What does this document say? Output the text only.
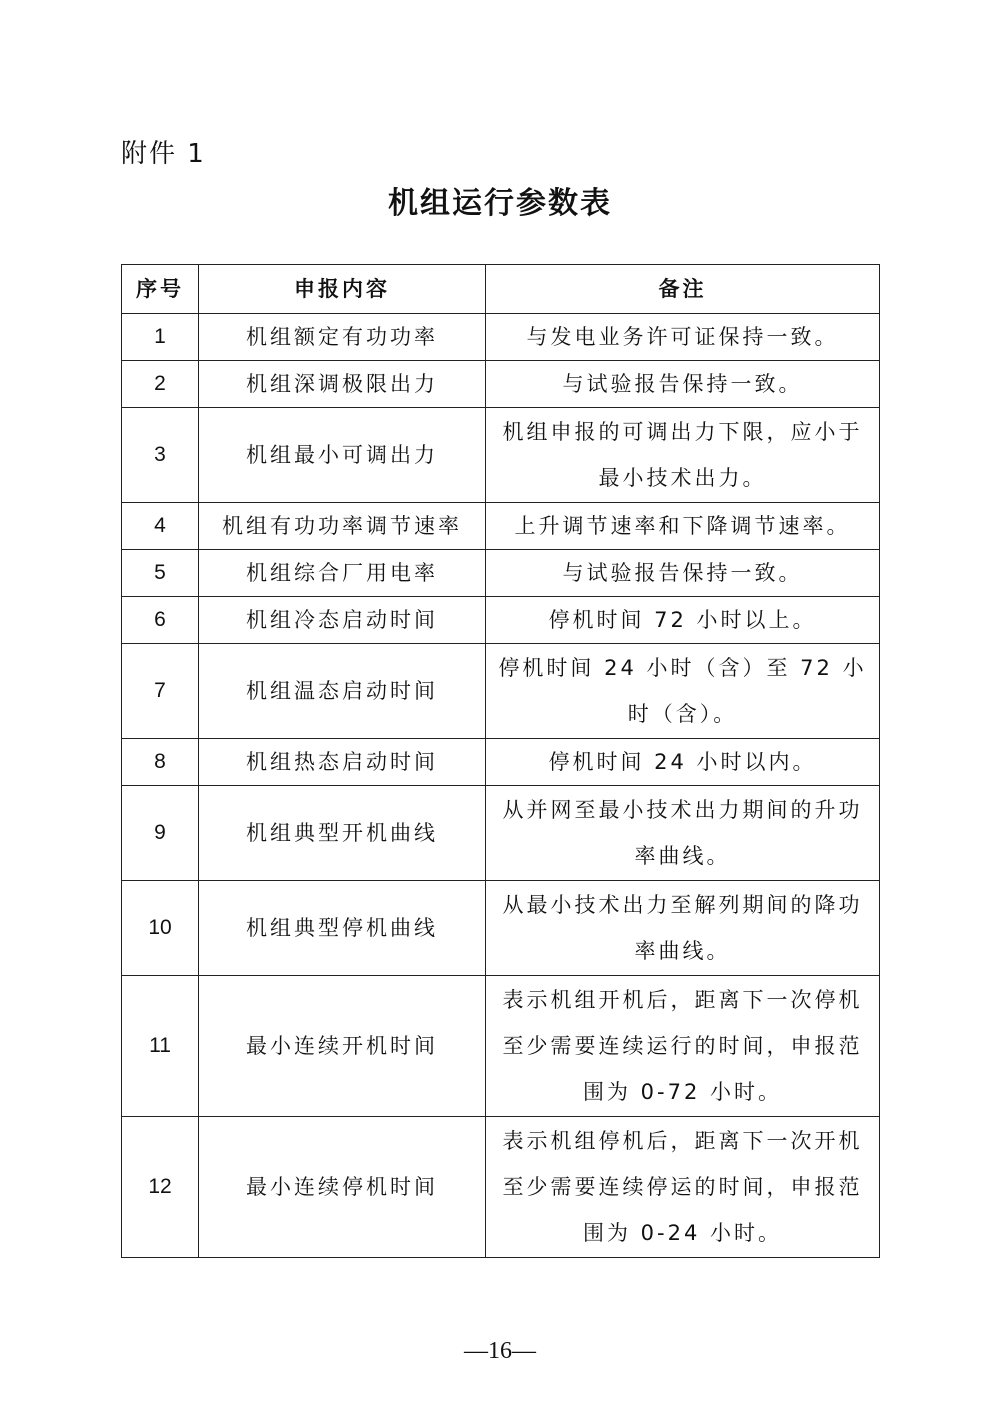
附件 1
机组运行参数表
序号	申报内容	备注
1	机组额定有功功率	与发电业务许可证保持一致。
2	机组深调极限出力	与试验报告保持一致。
3	机组最小可调出力	机组申报的可调出力下限，应小于最小技术出力。
4	机组有功功率调节速率	上升调节速率和下降调节速率。
5	机组综合厂用电率	与试验报告保持一致。
6	机组冷态启动时间	停机时间 72 小时以上。
7	机组温态启动时间	停机时间 24 小时（含）至 72 小时（含）。
8	机组热态启动时间	停机时间 24 小时以内。
9	机组典型开机曲线	从并网至最小技术出力期间的升功率曲线。
10	机组典型停机曲线	从最小技术出力至解列期间的降功率曲线。
11	最小连续开机时间	表示机组开机后，距离下一次停机至少需要连续运行的时间，申报范围为 0-72 小时。
12	最小连续停机时间	表示机组停机后，距离下一次开机至少需要连续停运的时间，申报范围为 0-24 小时。
—16—
